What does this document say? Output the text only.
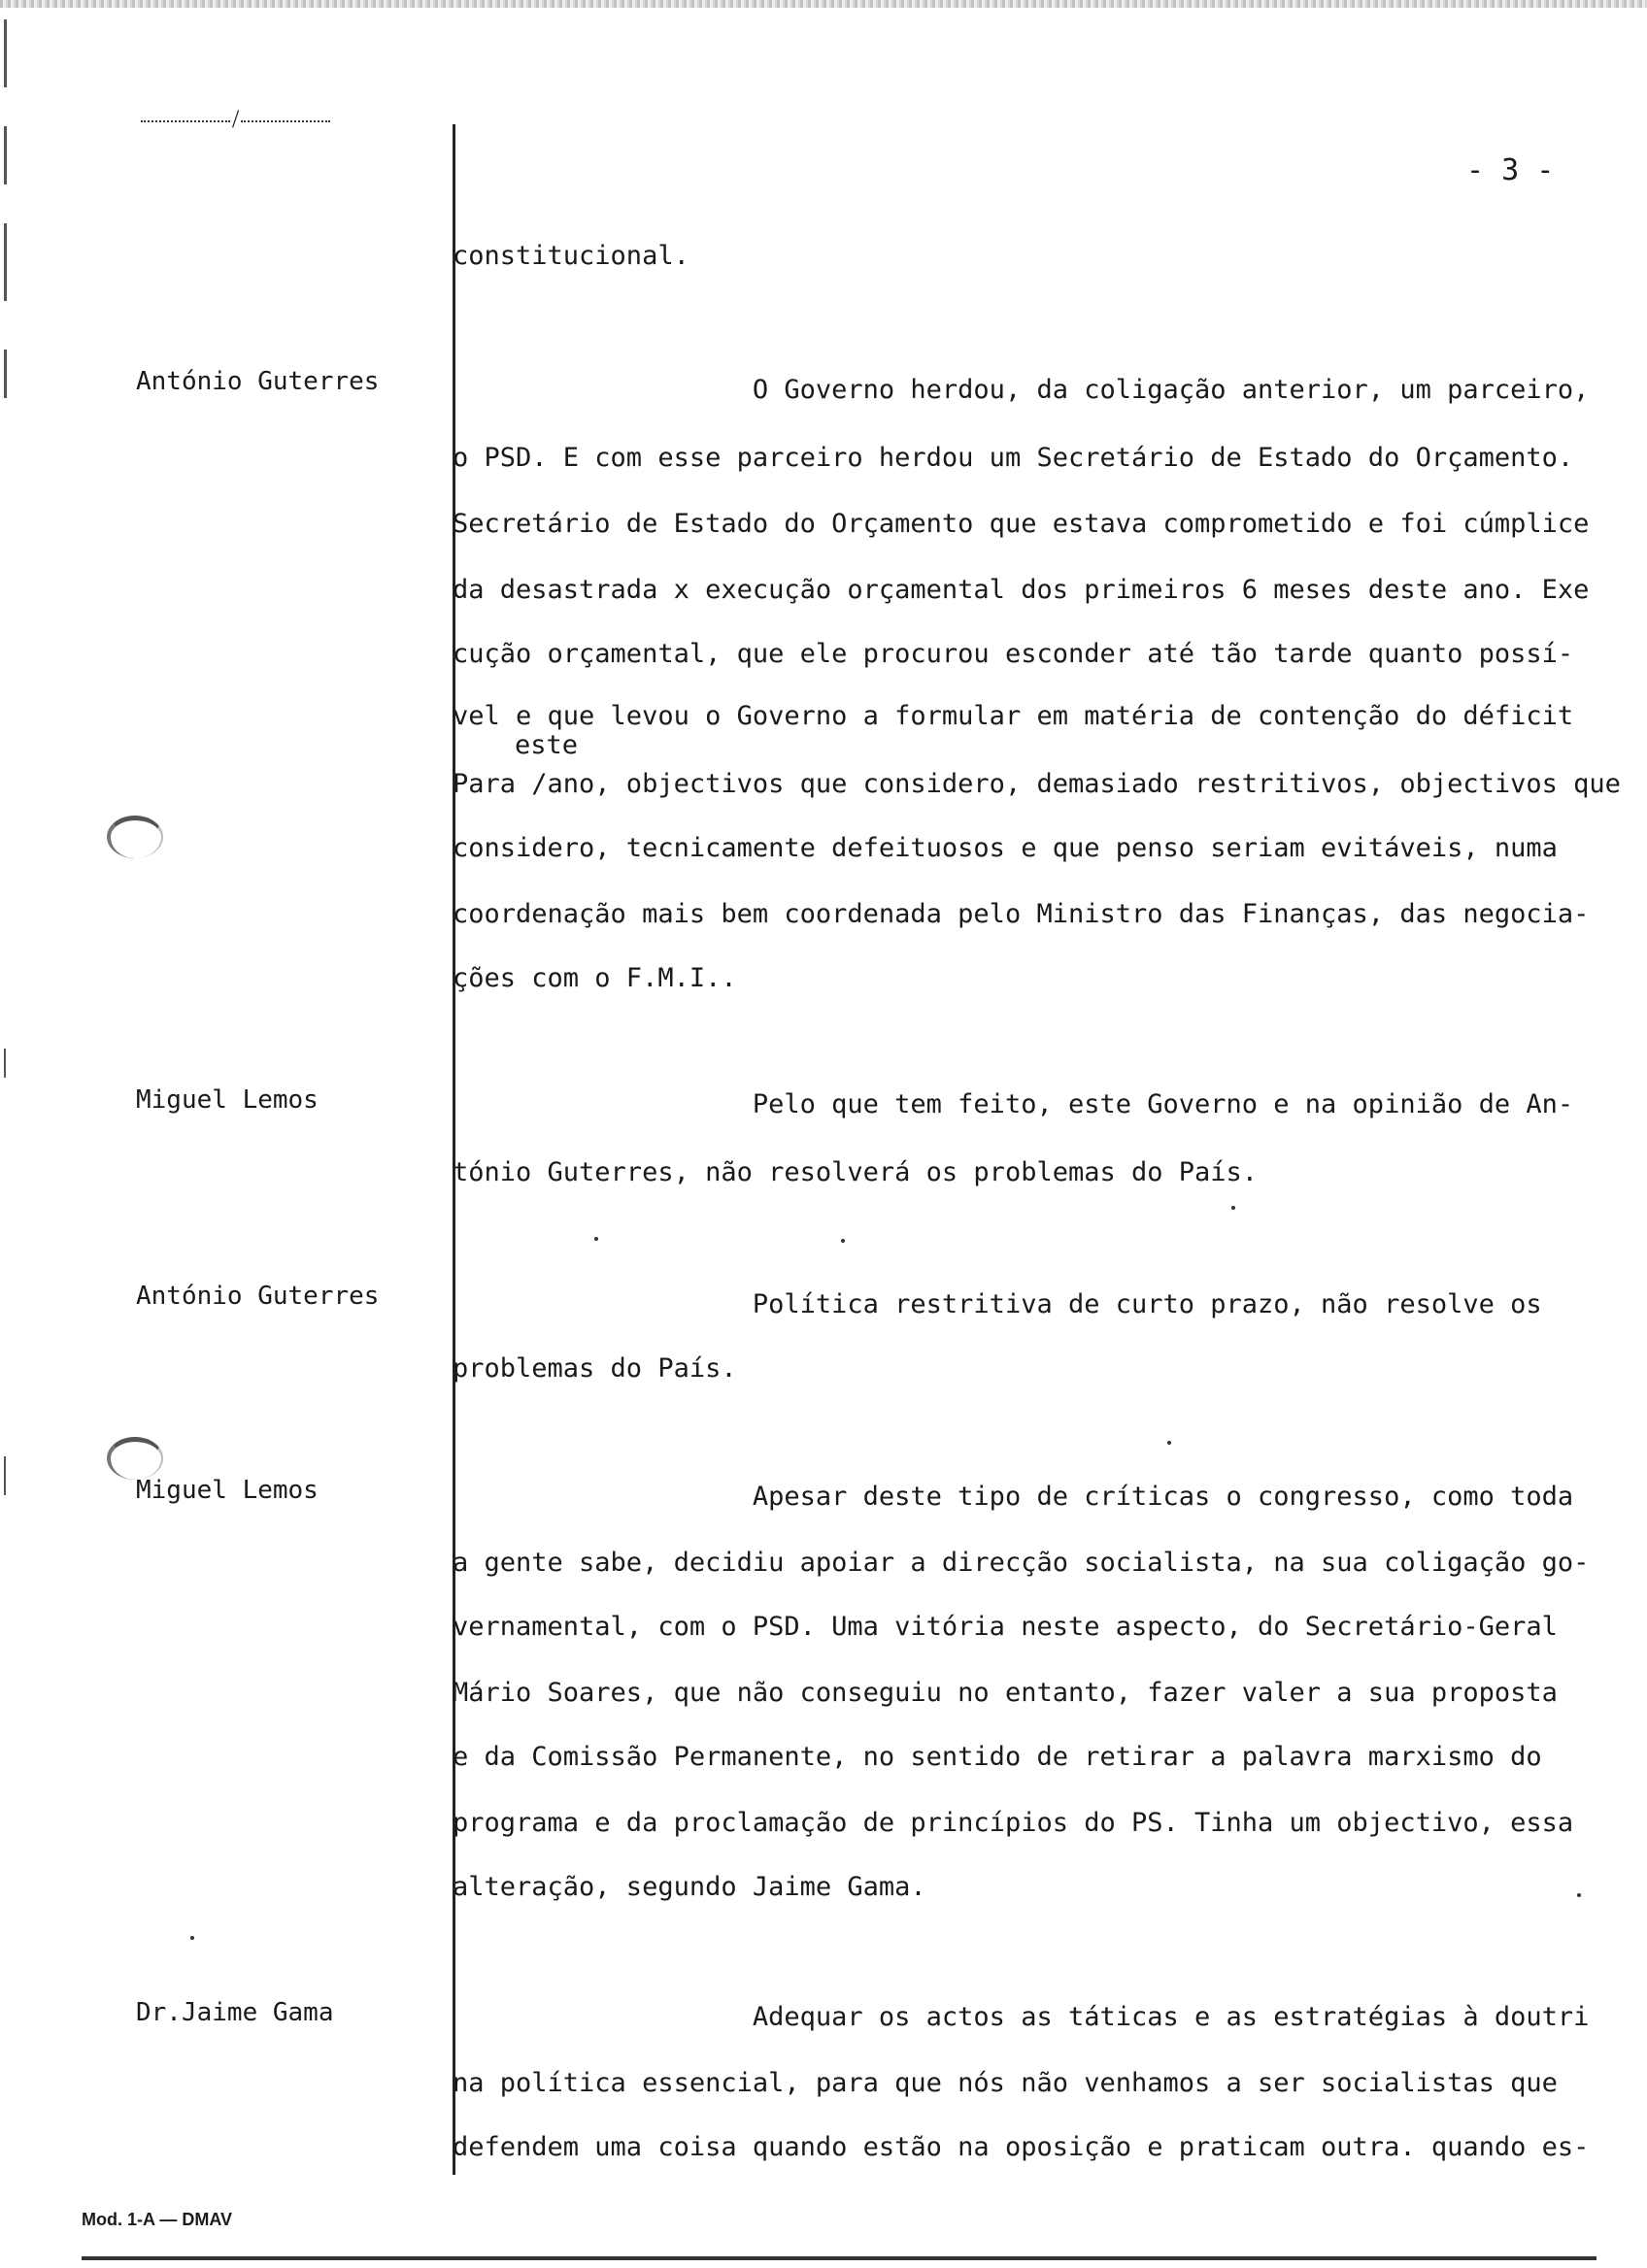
/
- 3 -
António Guterres
Miguel Lemos
António Guterres
Miguel Lemos
Dr.Jaime Gama
constitucional.
O Governo herdou, da coligação anterior, um parceiro,
o PSD. E com esse parceiro herdou um Secretário de Estado do Orçamento.
Secretário de Estado do Orçamento que estava comprometido e foi cúmplice
da desastrada x execução orçamental dos primeiros 6 meses deste ano. Exe
cução orçamental, que ele procurou esconder até tão tarde quanto possí-
vel e que levou o Governo a formular em matéria de contenção do déficit
este
Para /ano, objectivos que considero, demasiado restritivos, objectivos que
considero, tecnicamente defeituosos e que penso seriam evitáveis, numa
coordenação mais bem coordenada pelo Ministro das Finanças, das negocia-
ções com o F.M.I..
Pelo que tem feito, este Governo e na opinião de An-
tónio Guterres, não resolverá os problemas do País.
Política restritiva de curto prazo, não resolve os
problemas do País.
Apesar deste tipo de críticas o congresso, como toda
a gente sabe, decidiu apoiar a direcção socialista, na sua coligação go-
vernamental, com o PSD. Uma vitória neste aspecto, do Secretário-Geral
Mário Soares, que não conseguiu no entanto, fazer valer a sua proposta
e da Comissão Permanente, no sentido de retirar a palavra marxismo do
programa e da proclamação de princípios do PS. Tinha um objectivo, essa
alteração, segundo Jaime Gama.
Adequar os actos as táticas e as estratégias à doutri
na política essencial, para que nós não venhamos a ser socialistas que
defendem uma coisa quando estão na oposição e praticam outra. quando es-
Mod. 1-A — DMAV
